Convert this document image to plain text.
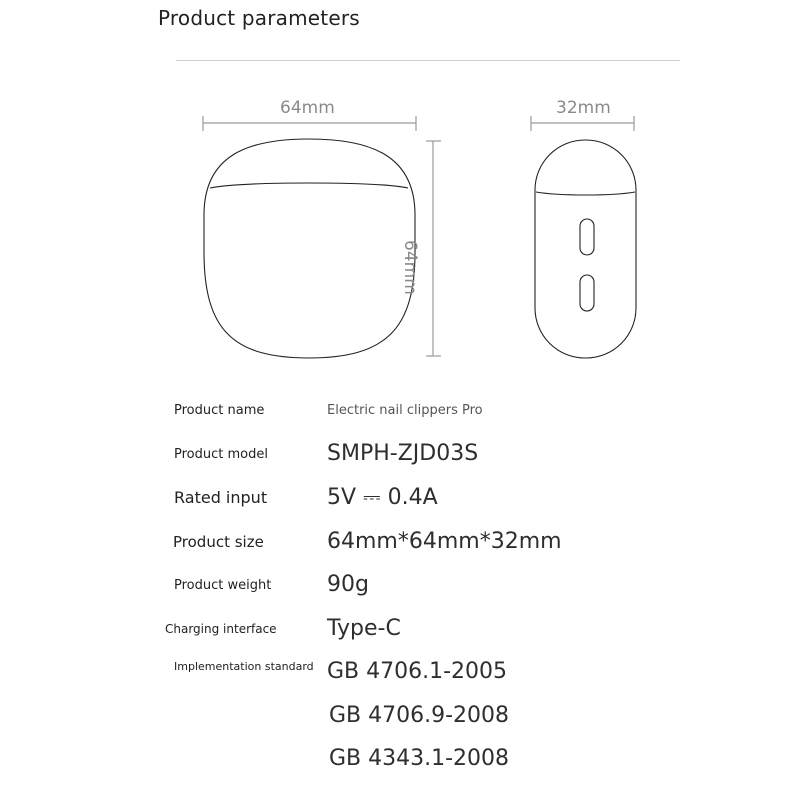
Product parameters
64mm
64mm
32mm
Product name	Electric nail clippers Pro
Product model	SMPH-ZJD03S
Rated input	5V ⎓ 0.4A
Product size	64mm*64mm*32mm
Product weight	90g
Charging interface Type-C
Implementation standard GB 4706.1-2005
GB 4706.9-2008
GB 4343.1-2008
